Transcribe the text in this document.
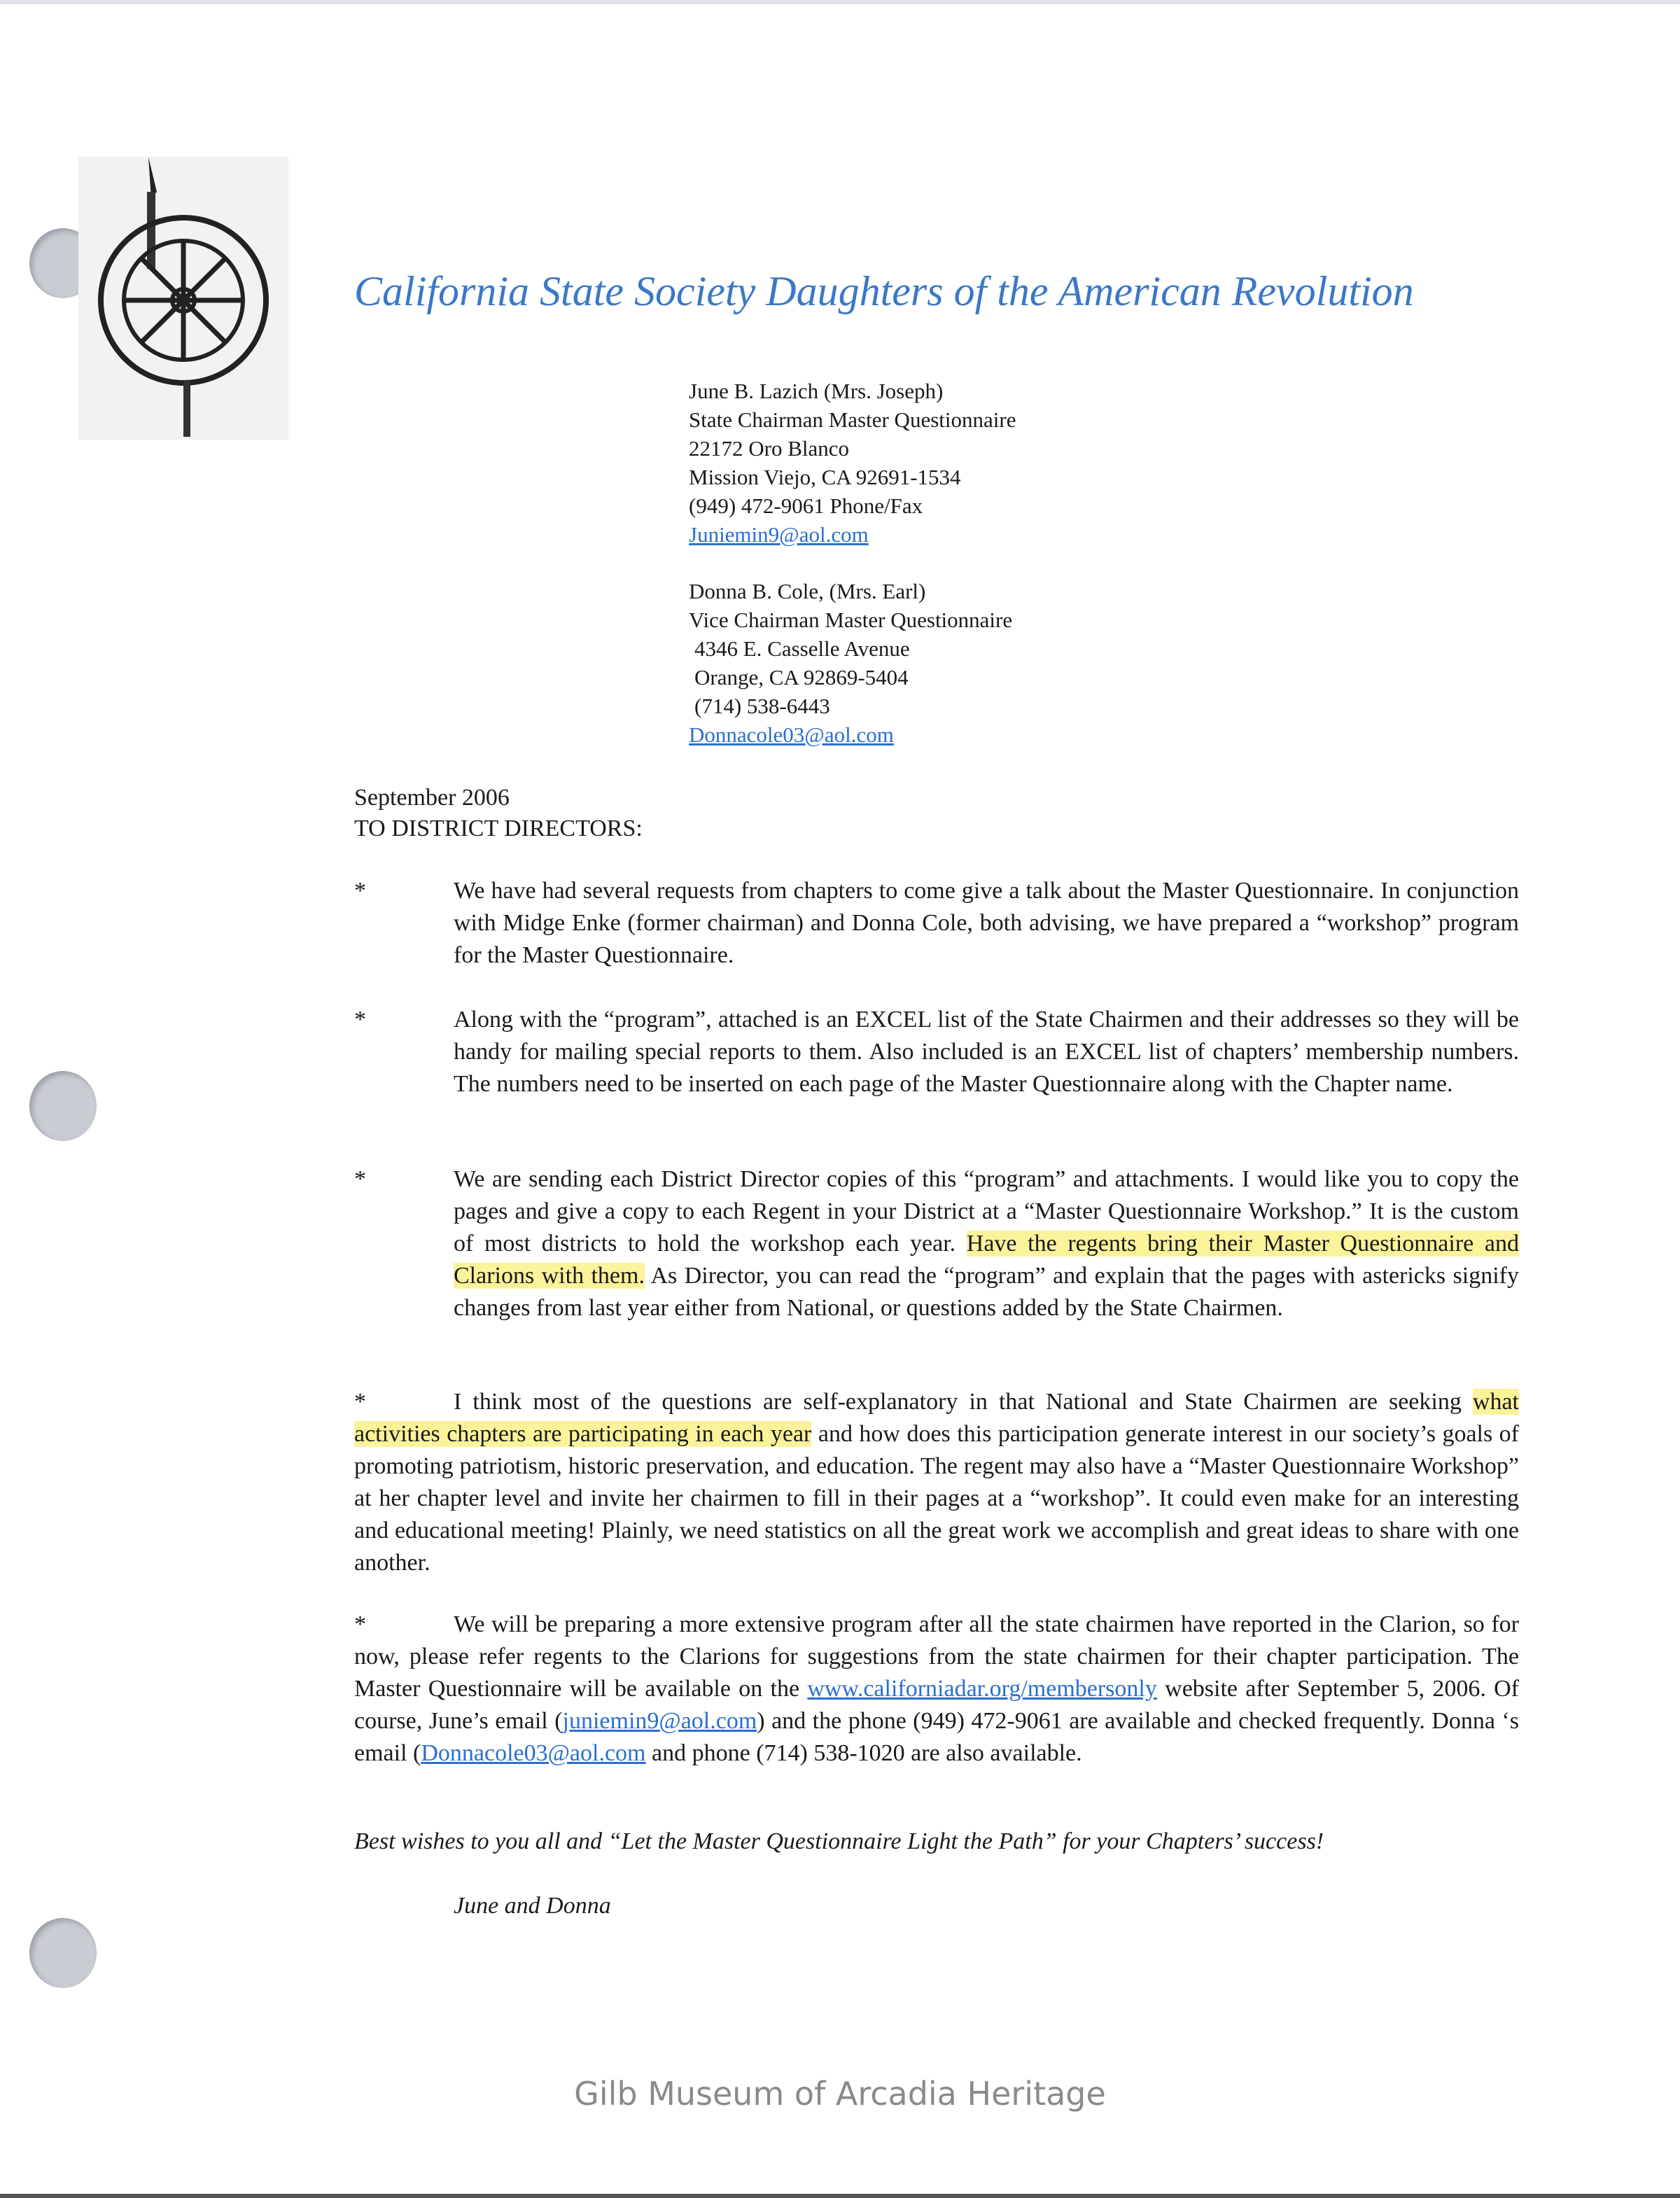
California State Society Daughters of the American Revolution
June B. Lazich (Mrs. Joseph)
State Chairman Master Questionnaire
22172 Oro Blanco
Mission Viejo, CA 92691-1534
(949) 472-9061 Phone/Fax
Juniemin9@aol.com
Donna B. Cole, (Mrs. Earl)
Vice Chairman Master Questionnaire
4346 E. Casselle Avenue
Orange, CA 92869-5404
(714) 538-6443
Donnacole03@aol.com
September 2006
TO DISTRICT DIRECTORS:
*	We have had several requests from chapters to come give a talk about the Master Questionnaire. In conjunction with Midge Enke (former chairman) and Donna Cole, both advising, we have prepared a “workshop” program for the Master Questionnaire.
*	Along with the “program”, attached is an EXCEL list of the State Chairmen and their addresses so they will be handy for mailing special reports to them. Also included is an EXCEL list of chapters’ membership numbers. The numbers need to be inserted on each page of the Master Questionnaire along with the Chapter name.
*	We are sending each District Director copies of this “program” and attachments. I would like you to copy the pages and give a copy to each Regent in your District at a “Master Questionnaire Workshop.” It is the custom of most districts to hold the workshop each year. Have the regents bring their Master Questionnaire and Clarions with them. As Director, you can read the “program” and explain that the pages with astericks signify changes from last year either from National, or questions added by the State Chairmen.
*	I think most of the questions are self-explanatory in that National and State Chairmen are seeking what activities chapters are participating in each year and how does this participation generate interest in our society’s goals of promoting patriotism, historic preservation, and education. The regent may also have a “Master Questionnaire Workshop” at her chapter level and invite her chairmen to fill in their pages at a “workshop”. It could even make for an interesting and educational meeting! Plainly, we need statistics on all the great work we accomplish and great ideas to share with one another.
*	We will be preparing a more extensive program after all the state chairmen have reported in the Clarion, so for now, please refer regents to the Clarions for suggestions from the state chairmen for their chapter participation. The Master Questionnaire will be available on the www.californiadar.org/membersonly website after September 5, 2006. Of course, June’s email (juniemin9@aol.com) and the phone (949) 472-9061 are available and checked frequently. Donna ‘s email (Donnacole03@aol.com and phone (714) 538-1020 are also available.
Best wishes to you all and “Let the Master Questionnaire Light the Path” for your Chapters’ success!
June and Donna
Gilb Museum of Arcadia Heritage
